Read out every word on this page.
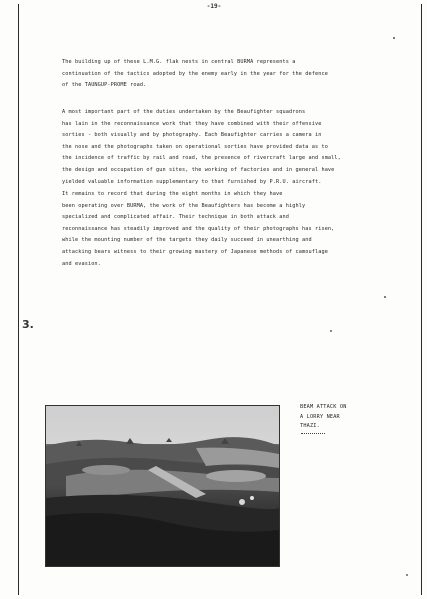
-19-

The building up of these L.M.G. flak nests in central BURMA represents a
continuation of the tactics adopted by the enemy early in the year for the defence
of the TAUNGUP-PROME road.

A most important part of the duties undertaken by the Beaufighter squadrons
has lain in the reconnaissance work that they have combined with their offensive
sorties - both visually and by photography. Each Beaufighter carries a camera in
the nose and the photographs taken on operational sorties have provided data as to
the incidence of traffic by rail and road, the presence of rivercraft large and small,
the design and occupation of gun sites, the working of factories and in general have
yielded valuable information supplementary to that furnished by P.R.U. aircraft.

It remains to record that during the eight months in which they have
been operating over BURMA, the work of the Beaufighters has become a highly
specialized and complicated affair. Their technique in both attack and
reconnaissance has steadily improved and the quality of their photographs has risen,
while the mounting number of the targets they daily succeed in unearthing and
attacking bears witness to their growing mastery of Japanese methods of camouflage
and evasion.

3.
BEAM ATTACK ON
A LORRY NEAR
THAZI.
